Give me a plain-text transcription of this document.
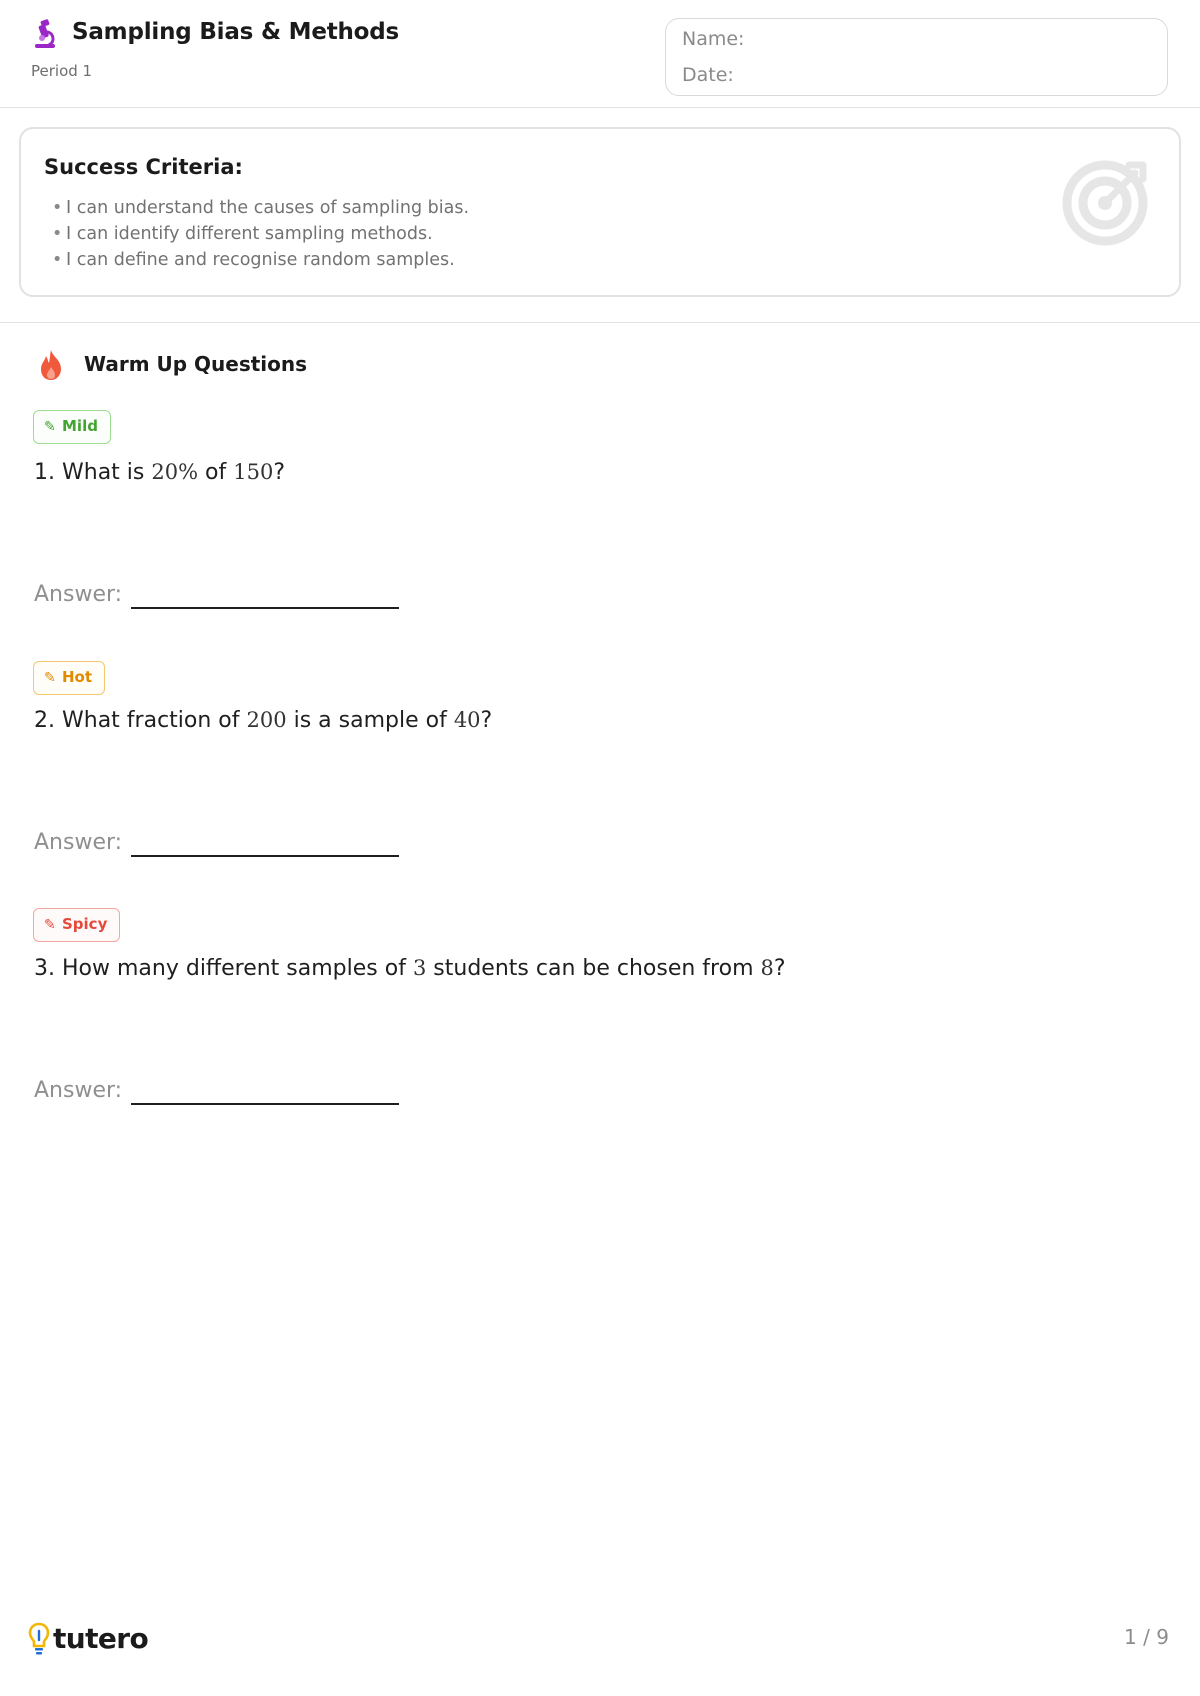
Sampling Bias & Methods
Period 1
Name:
Date:
Success Criteria:
• I can understand the causes of sampling bias.
• I can identify different sampling methods.
• I can define and recognise random samples.
Warm Up Questions
✎ Mild
1. What is 20% of 150?
Answer:
✎ Hot
2. What fraction of 200 is a sample of 40?
Answer:
✎ Spicy
3. How many different samples of 3 students can be chosen from 8?
Answer:
tutero	1 / 9
